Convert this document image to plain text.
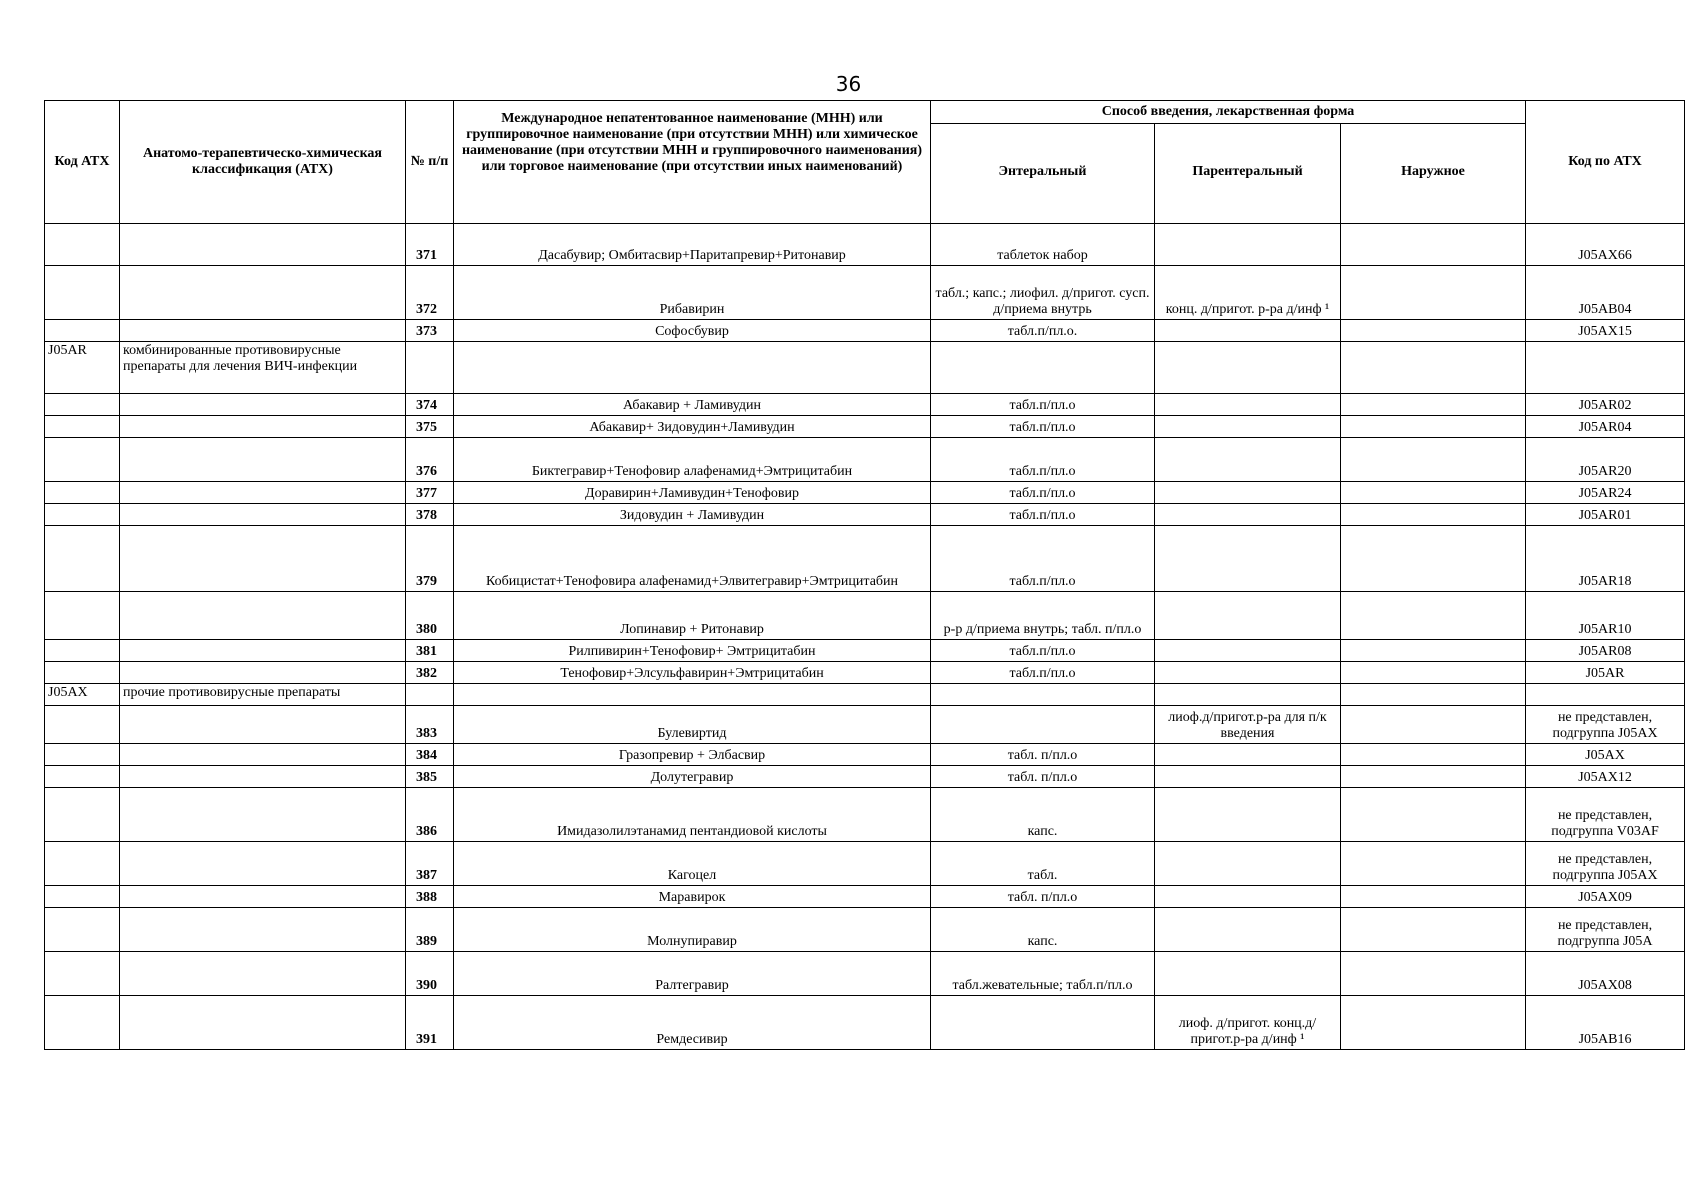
36
Код АТХ	Анатомо-терапевтическо-химическая классификация (АТХ)	№ п/п	Международное непатентованное наименование (МНН) или группировочное наименование (при отсутствии МНН) или химическое наименование (при отсутствии МНН и группировочного наименования) или торговое наименование (при отсутствии иных наименований)	Способ введения, лекарственная форма			Код по АТХ
				Энтеральный	Парентеральный	Наружное	
		371	Дасабувир; Омбитасвир+Паритапревир+Ритонавир	таблеток набор			J05AX66
		372	Рибавирин	табл.; капс.; лиофил. д/пригот. сусп. д/приема внутрь	конц. д/пригот. р-ра д/инф ¹		J05AB04
		373	Софосбувир	табл.п/пл.о.			J05AX15
J05AR	комбинированные противовирусные препараты для лечения ВИЧ-инфекции						
		374	Абакавир + Ламивудин	табл.п/пл.о			J05AR02
		375	Абакавир+ Зидовудин+Ламивудин	табл.п/пл.о			J05AR04
		376	Биктегравир+Тенофовир алафенамид+Эмтрицитабин	табл.п/пл.о			J05AR20
		377	Доравирин+Ламивудин+Тенофовир	табл.п/пл.о			J05AR24
		378	Зидовудин + Ламивудин	табл.п/пл.о			J05AR01
		379	Кобицистат+Тенофовира алафенамид+Элвитегравир+Эмтрицитабин	табл.п/пл.о			J05AR18
		380	Лопинавир + Ритонавир	р-р д/приема внутрь; табл. п/пл.о			J05AR10
		381	Рилпивирин+Тенофовир+ Эмтрицитабин	табл.п/пл.о			J05AR08
		382	Тенофовир+Элсульфавирин+Эмтрицитабин	табл.п/пл.о			J05AR
J05AX	прочие противовирусные препараты						
		383	Булевиртид		лиоф.д/пригот.р-ра для п/к введения		не представлен, подгруппа J05AX
		384	Гразопревир + Элбасвир	табл. п/пл.о			J05AX
		385	Долутегравир	табл. п/пл.о			J05AX12
		386	Имидазолилэтанамид пентандиовой кислоты	капс.			не представлен, подгруппа V03AF
		387	Кагоцел	табл.			не представлен, подгруппа J05AX
		388	Маравирок	табл. п/пл.о			J05AX09
		389	Молнупиравир	капс.			не представлен, подгруппа J05A
		390	Ралтегравир	табл.жевательные; табл.п/пл.о			J05AX08
		391	Ремдесивир		лиоф. д/пригот. конц.д/пригот.р-ра д/инф ¹		J05AB16
